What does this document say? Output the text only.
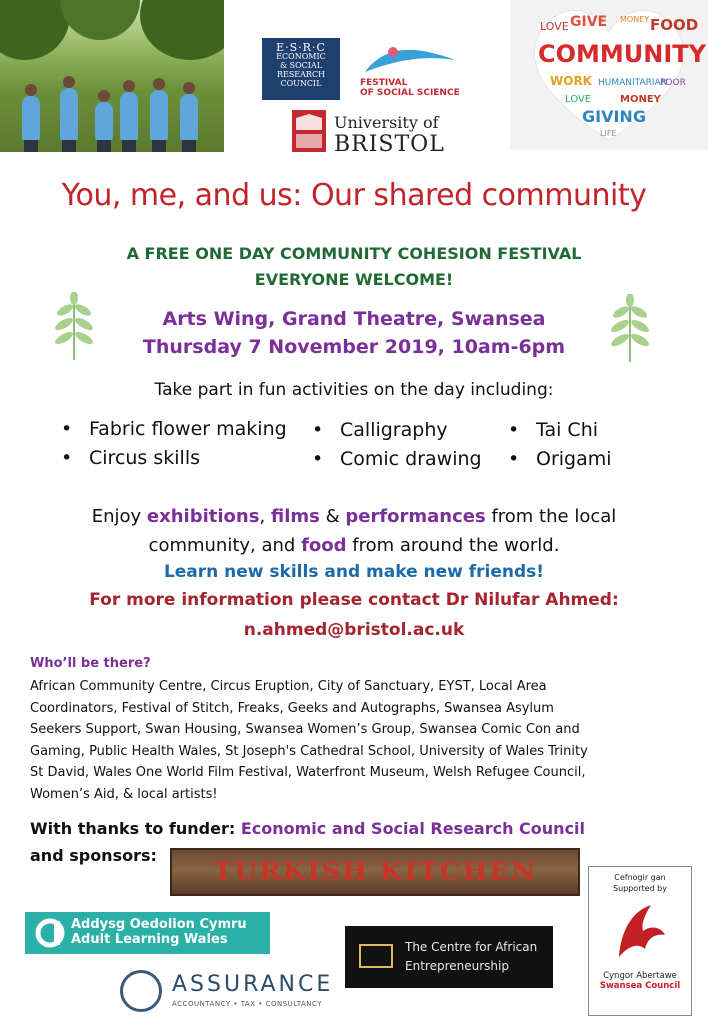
E·S·R·C
ECONOMIC
& SOCIAL
RESEARCH
COUNCIL	FESTIVAL
OF SOCIAL SCIENCE
University of
BRISTOL
LOVE GIVE MONEY FOOD
COMMUNITY
WORK HUMANITARIAN
POOR
LOVE	MONEY
GIVING
LIFE
You, me, and us: Our shared community
A FREE ONE DAY COMMUNITY COHESION FESTIVAL
EVERYONE WELCOME!
Arts Wing, Grand Theatre, Swansea
Thursday 7 November 2019, 10am-6pm
Take part in fun activities on the day including:
• Fabric flower making
• Circus skills
• Calligraphy
• Comic drawing
• Tai Chi
• Origami
Enjoy exhibitions, films & performances from the local
community, and food from around the world.
Learn new skills and make new friends!
For more information please contact Dr Nilufar Ahmed:
n.ahmed@bristol.ac.uk
Who’ll be there?
African Community Centre, Circus Eruption, City of Sanctuary, EYST, Local Area
Coordinators, Festival of Stitch, Freaks, Geeks and Autographs, Swansea Asylum
Seekers Support, Swan Housing, Swansea Women’s Group, Swansea Comic Con and
Gaming, Public Health Wales, St Joseph's Cathedral School, University of Wales Trinity
St David, Wales One World Film Festival, Waterfront Museum, Welsh Refugee Council,
Women’s Aid, & local artists!
With thanks to funder: Economic and Social Research Council
and sponsors:
TURKISH KITCHEN
Addysg Oedolion Cymru
Adult Learning Wales
ASSURANCE
ACCOUNTANCY • TAX • CONSULTANCY
The Centre for African
Entrepreneurship
Cefnogir gan
Supported by
Cyngor Abertawe
Swansea Council
